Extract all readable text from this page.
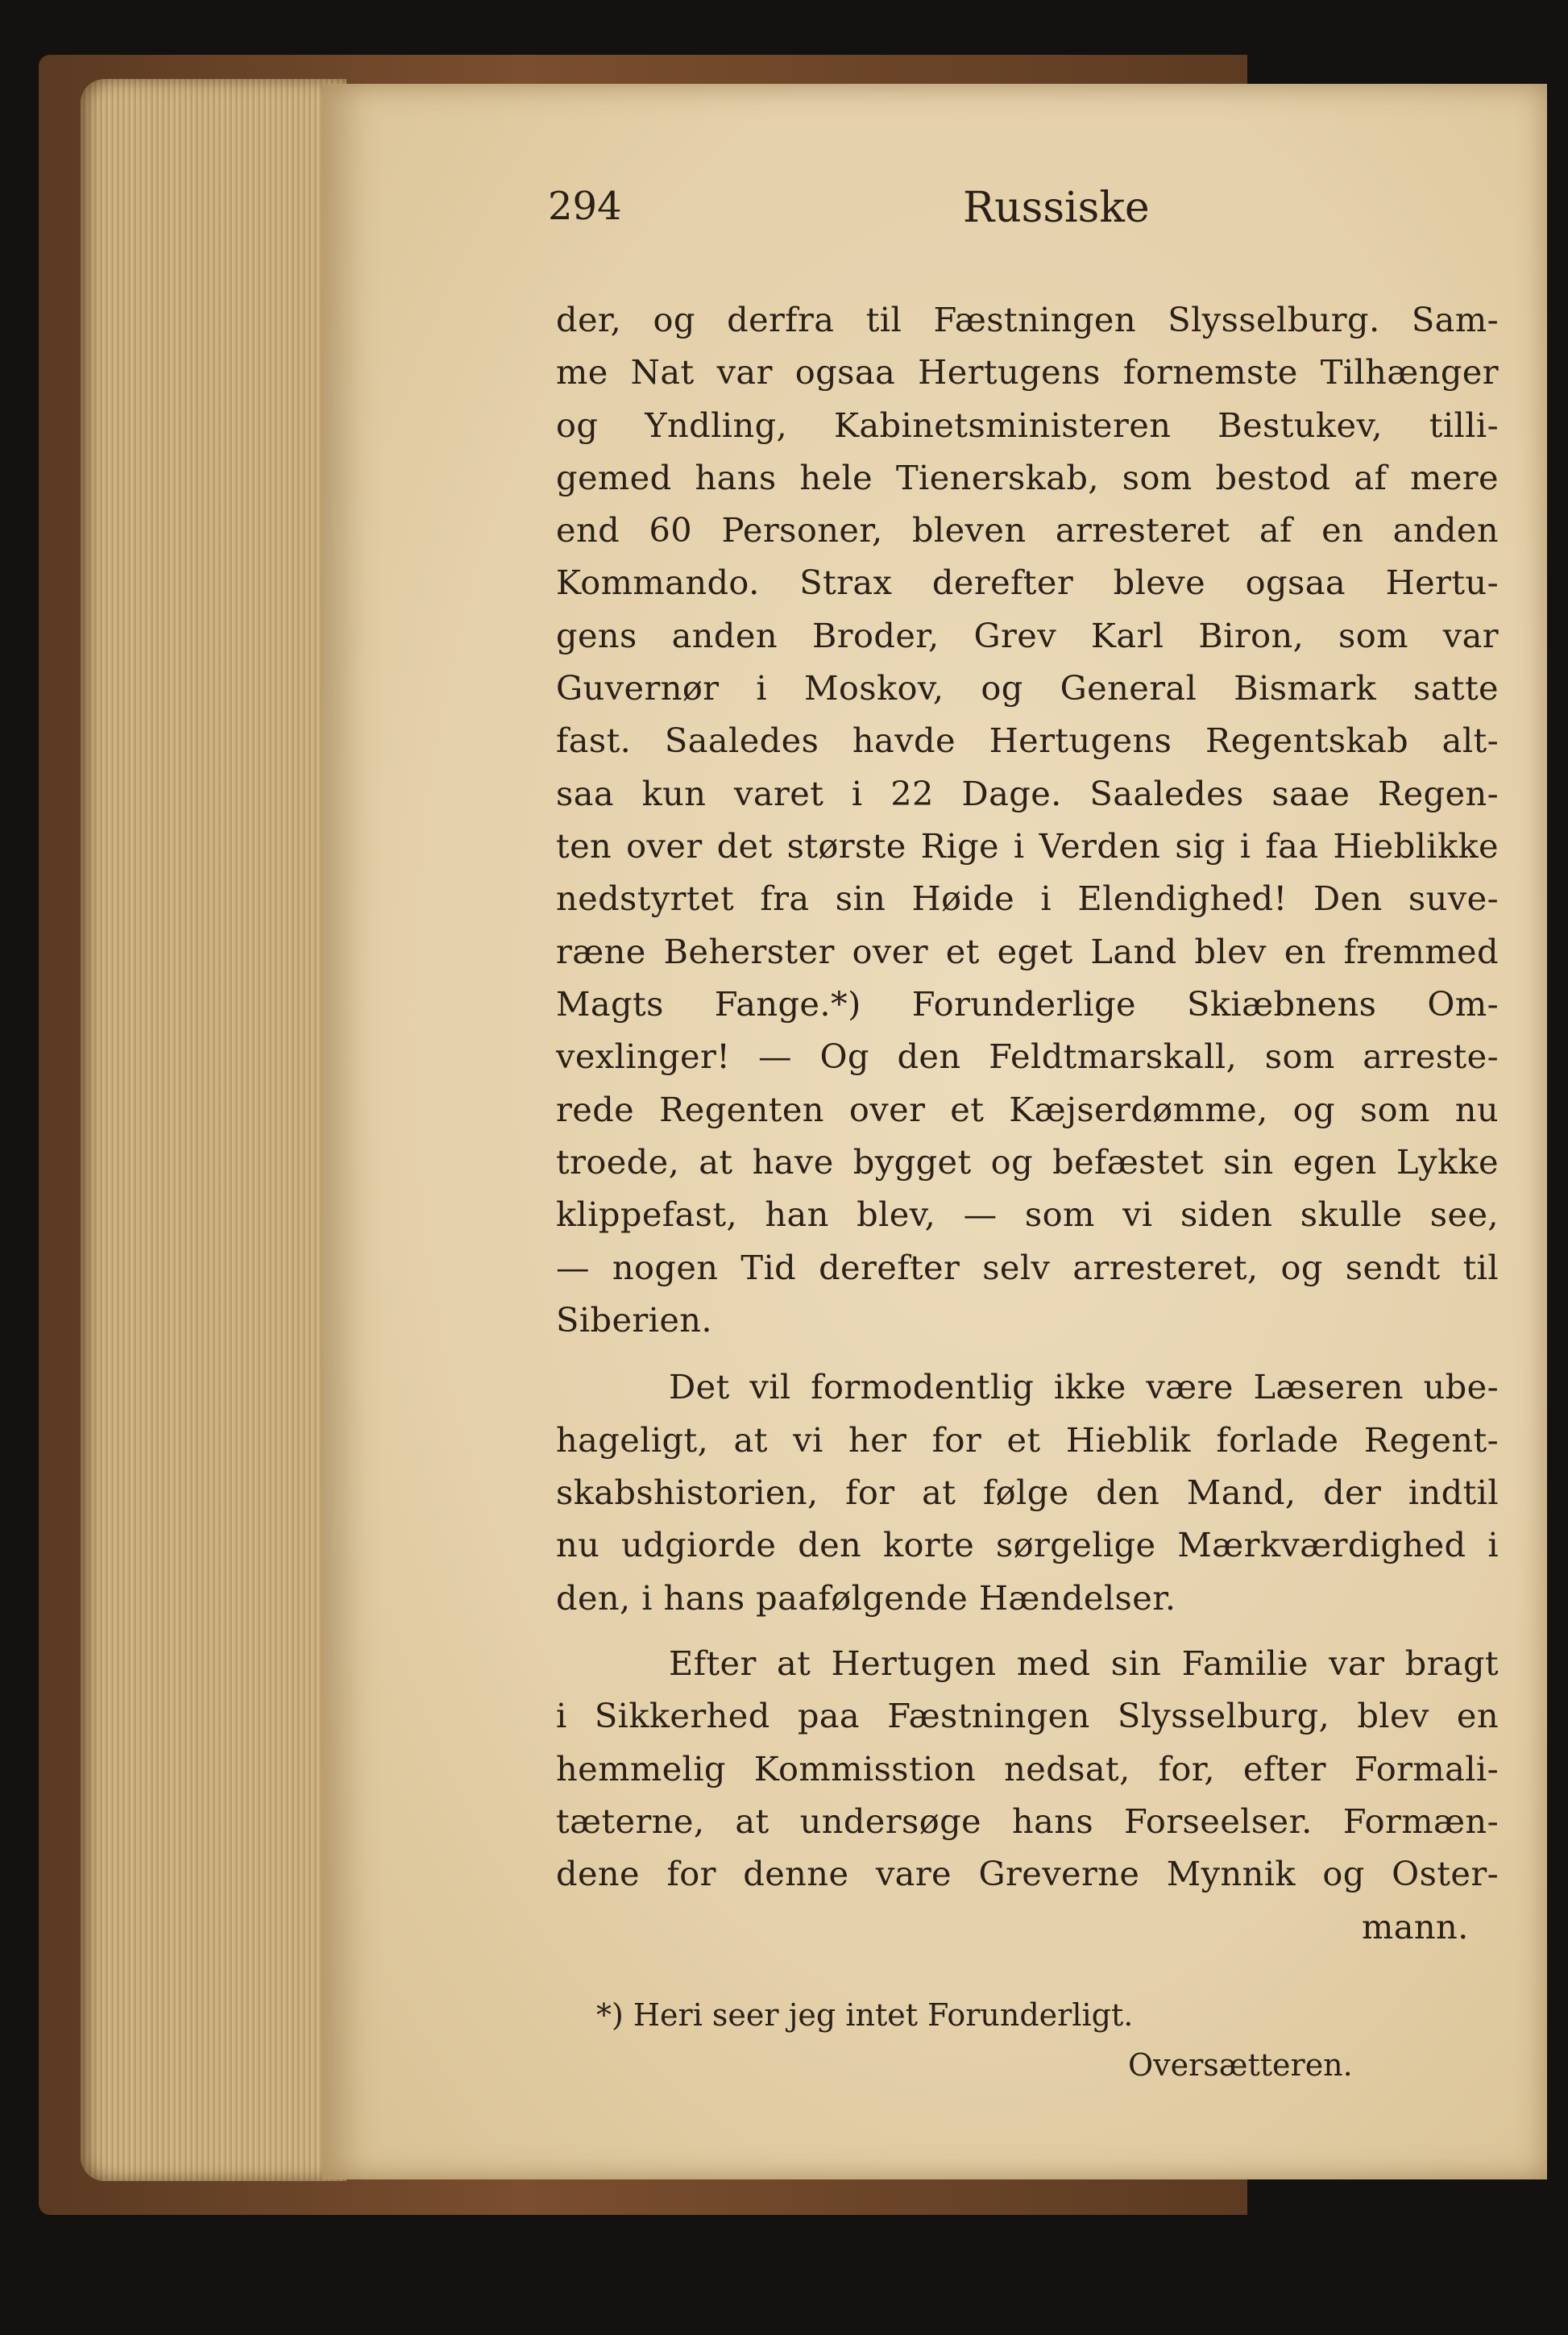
294	Russiske
der, og derfra til Fæstningen Slysselburg. Sam-
me Nat var ogsaa Hertugens fornemste Tilhænger
og Yndling, Kabinetsministeren Bestukev, tilli-
gemed hans hele Tienerskab, som bestod af mere
end 60 Personer, bleven arresteret af en anden
Kommando. Strax derefter bleve ogsaa Hertu-
gens anden Broder, Grev Karl Biron, som var
Guvernør i Moskov, og General Bismark satte
fast. Saaledes havde Hertugens Regentskab alt-
saa kun varet i 22 Dage. Saaledes saae Regen-
ten over det største Rige i Verden sig i faa Hieblikke
nedstyrtet fra sin Høide i Elendighed! Den suve-
ræne Beherster over et eget Land blev en fremmed
Magts Fange.*) Forunderlige Skiæbnens Om-
vexlinger! — Og den Feldtmarskall, som arreste-
rede Regenten over et Kæjserdømme, og som nu
troede, at have bygget og befæstet sin egen Lykke
klippefast, han blev, — som vi siden skulle see,
— nogen Tid derefter selv arresteret, og sendt til
Siberien.
Det vil formodentlig ikke være Læseren ube-
hageligt, at vi her for et Hieblik forlade Regent-
skabshistorien, for at følge den Mand, der indtil
nu udgiorde den korte sørgelige Mærkværdighed i
den, i hans paafølgende Hændelser.
Efter at Hertugen med sin Familie var bragt
i Sikkerhed paa Fæstningen Slysselburg, blev en
hemmelig Kommisstion nedsat, for, efter Formali-
tæterne, at undersøge hans Forseelser. Formæn-
dene for denne vare Greverne Mynnik og Oster-
mann.
*) Heri seer jeg intet Forunderligt.
Oversætteren.
